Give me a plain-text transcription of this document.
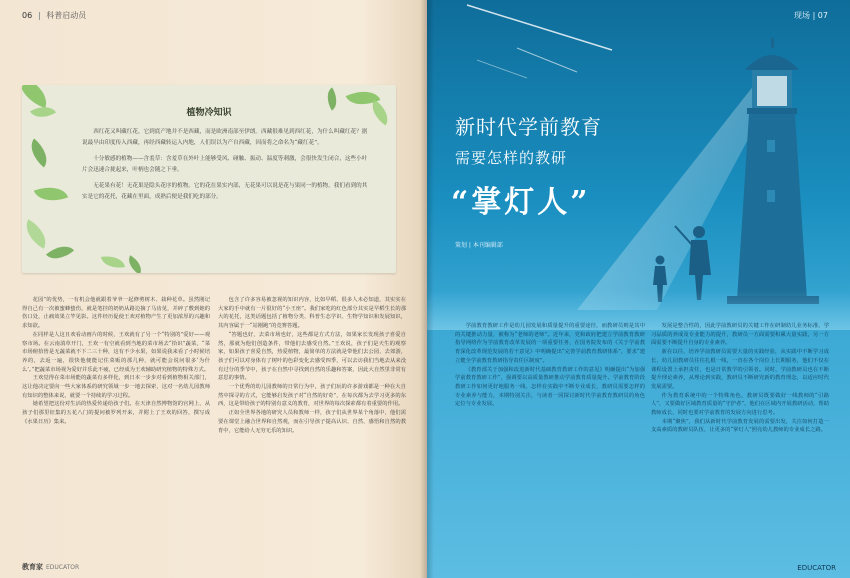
06 科普启动员
植物冷知识

西红花又叫藏红花，它到底产地并不是西藏，而是欧洲南部至伊朗。西藏很难见到西红花，为什么叫藏红花？据说最早由印度传入西藏，再经西藏转运入内地，人们误以为产自西藏，因而将之命名为“藏红花”。

十分敏感的植物——含羞草：含羞草在外叶上能够受风、碰触、振动、温度等刺激，会很快发生闭合，这些小叶片会迅速合拢起来，叶柄也会随之下垂。

无花果有花！无花果是隐头花序的植物。它的花在果实内部，无花果可以说是花与果同一的植物，我们看到的其实是它的花托，花藏在里面，成熟后便是我们吃的部分。

花园”的优势，一有机会他就跟着爷爷一起修剪树木、栽种花草。虽然刚记得自己有一次被蜜蜂蛰伤，就是笔挂的奶奶从路边摘了马齿苋，并碎了敷到她的伤口处，止痛效果立竿见影。这件经历促使王欢对植物产生了更加浓厚的兴趣和求知欲。

在同样是人这且欢看动画片的时候，王欢就有了另一个“特别的”爱好——观察市场。在云南滇草开门，王欢一有空就看到当地的菜市场去“拾识”蔬菜，“菜市场俯拾皆是无蔬菜就不下二三十种，这有不少水果，如果说我来看了小时候培养的，去返一遍，很快他便能记住菜贩的那几种，就可能会说问很多‘为什么’。”把蔬菜市场视为爱好并乐此不疲，已经成为王欢辅助研究植物的特殊方式。

王欢觉得在菜市场能的蔬菜有多样化，到日本一步步对看到植物相关部门，这让他决定要向一些大家体系的研究领域一步一地去探索，这对一名幼儿园教师有知识的整体来说，就要一个持续的学习过程。

她希望把这份对生活的热爱传递给孩子们。在天津自然博物馆的官网上，从孩子们那里征集的五花八门的提问被罗列开来，并附上了王欢的回答，撰写成《水果日历》集来。

包含了许多容易被忽视的知识内容，比如早稻、很多人未必知道，其实实在大家的手中就有一片很好的“小王座”。我们家吃的红色部分其实是早稻生长的那大的花托，这类话题包括了植物分类、科普生态学识、生物学知识和发展知识，其内容属于一“站刚跑”的竞赛答题。

“答题也好，去菜市场也好，这些都是方式方法，如果家长发现孩子喜爱自然，那就为他们创造条件，带他们去感受自然。”王欢说，孩子们是天生的观察家，如果孩子喜爱自然，热爱植物，最简单的方法就是带他们去公园、去郊游，孩子们可以对身体有了树叶的色彩变化去感受四季，可以去访我们当地去从来没有过分的季节中，孩子在自然中寻找到自然的乐趣和答案，因此大自然里非常有意思的事情。

一个优秀的幼儿园教师的日常行为中，孩子们玩的许多游戏都是一种在大自然中探寻的方式，它能够启发孩子对“自然的好奇”，在每次都为去学习更多的东西，这是带给孩子的特别有意义的教育，对世界的每次探索都有着重要的作用。

正如全世界各地的研究人员和教师一样，孩子们从世界某个角落中，他们需要在课堂上融合世界和自然观，而在引导孩子提高认识、自然、感悟和自然的教育中，它能给人无穷无乐的知识。

教育家 EDUCATOR
现场 | 07
新时代学前教育
需要怎样的教研
“掌灯人”
策划 | 本刊编辑部

学前教育教研工作是幼儿园发展和质量提升的重要途径，而教研员则是其中的关键推动力量，被称为“老师的老师”。近年来，党和政府把建立学前教育教研指导网络作为学前教育改革发展的一项重要任务，在国务院发布的《关于学前教育深化改革规范发展的若干意见》中明确提出“完善学前教育教研体系”，要求“建立健全学前教育教研指导责任区制度”。

《教育部关于加强和改进新时代基础教育教研工作的意见》明确提出“为加强学前教育教研工作”，强调要以高质量教研推动学前教育质量提升。学前教育阶段教研工作如何更好地服务一线、怎样在实践中不断专业成长，教研员需要怎样的专业素养与能力，本期特别关注，与读者一同探讨新时代学前教育教研员的角色定位与专业发展。

发展是整合性的，因此学前教研员的关键工作在研制幼儿业务标准，学习品质的养成及专业能力的提升，教研员一方面需要积累大量实践，另一方面需要不断提升自身的专业素养。

新在以往，培养学前教研员需要大量的实践经验，从实践中不断学习成长，幼儿园教研员往往扎根一线，一直在各个岗位上长期服务，他们不仅在课程设置上承担责任，也是日常教学的引领者。同时，学前教研员也在不断提升理论素养，从理论到实践，教研员不断研究新的教育理念，以适应时代发展需要。

作为教育系统中的一个特殊角色，教研员既要做好一线教师的“引路人”，又要做好区域教育质量的“守护者”，他们在区域内开展教研活动，帮助教师成长，同时也要对学前教育的发展方向进行思考。

本期“聚焦”，我们从新时代学前教育发展的需要出发，关注如何打造一支高素质的教研员队伍，让更多的“掌灯人”照亮幼儿教师的专业成长之路。

EDUCATOR
